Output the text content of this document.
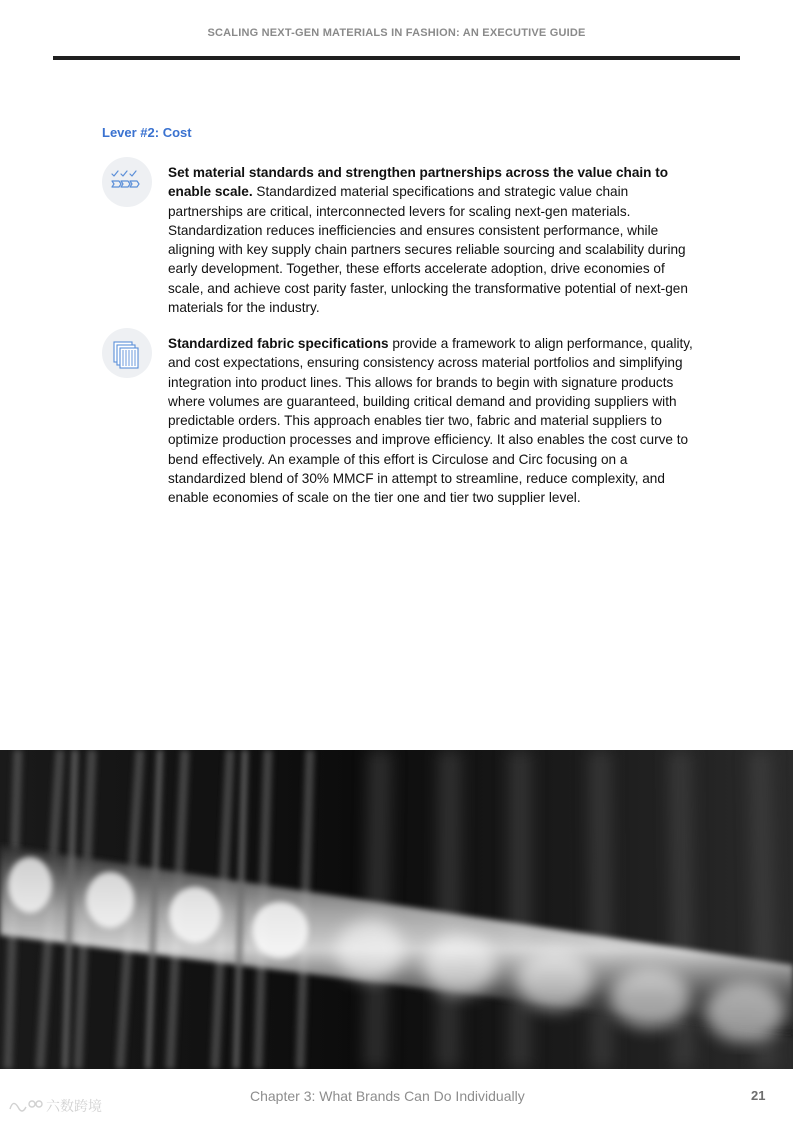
SCALING NEXT-GEN MATERIALS IN FASHION: AN EXECUTIVE GUIDE
Lever #2: Cost
Set material standards and strengthen partnerships across the value chain to enable scale. Standardized material specifications and strategic value chain partnerships are critical, interconnected levers for scaling next-gen materials. Standardization reduces inefficiencies and ensures consistent performance, while aligning with key supply chain partners secures reliable sourcing and scalability during early development. Together, these efforts accelerate adoption, drive economies of scale, and achieve cost parity faster, unlocking the transformative potential of next-gen materials for the industry.
Standardized fabric specifications provide a framework to align performance, quality, and cost expectations, ensuring consistency across material portfolios and simplifying integration into product lines. This allows for brands to begin with signature products where volumes are guaranteed, building critical demand and providing suppliers with predictable orders. This approach enables tier two, fabric and material suppliers to optimize production processes and improve efficiency. It also enables the cost curve to bend effectively. An example of this effort is Circulose and Circ focusing on a standardized blend of 30% MMCF in attempt to streamline, reduce complexity, and enable economies of scale on the tier one and tier two supplier level.
Chapter 3: What Brands Can Do Individually	21
六数跨境
